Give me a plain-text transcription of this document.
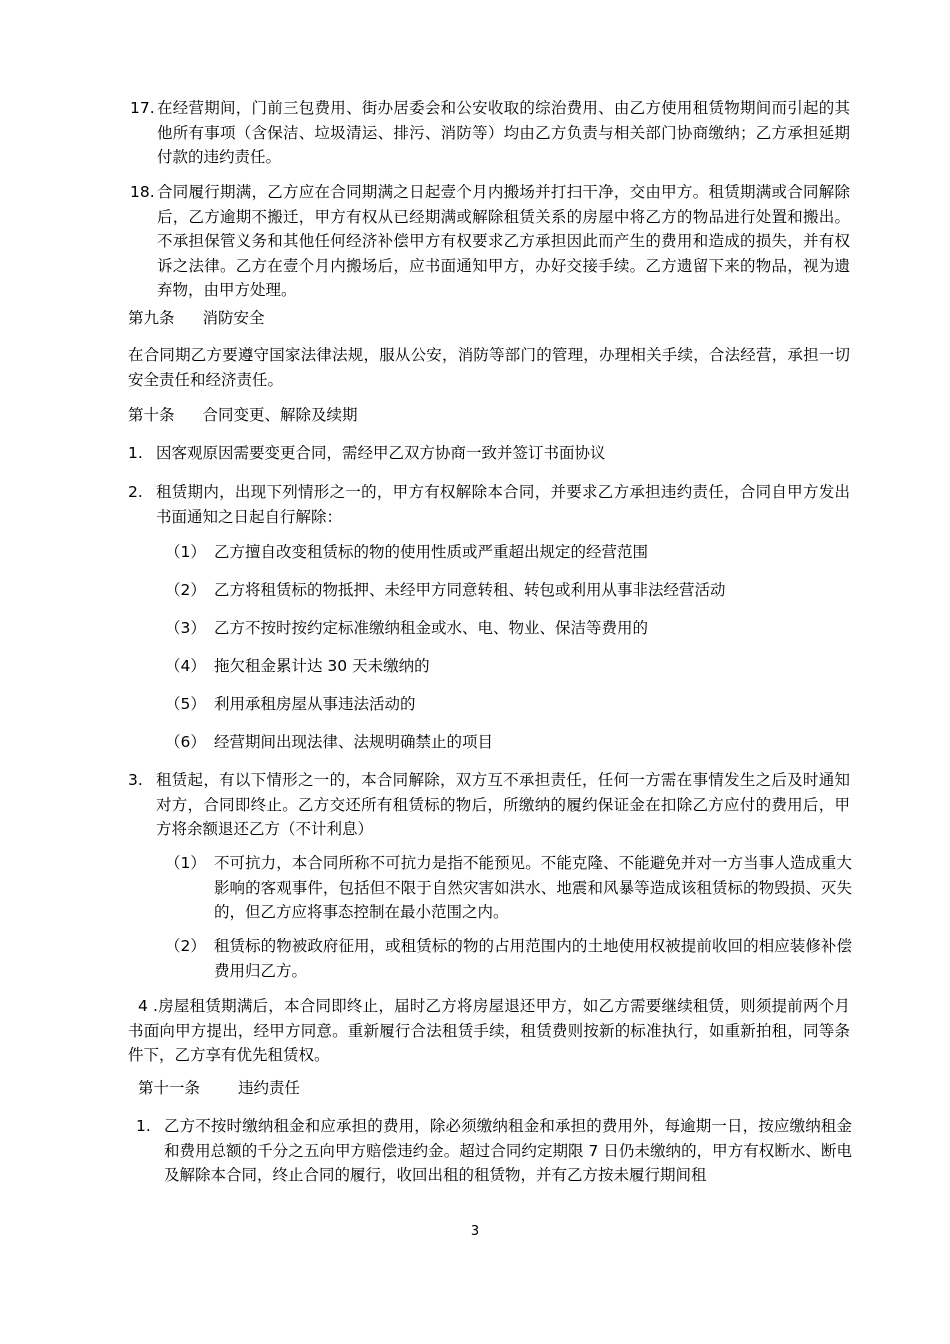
17. 在经营期间，门前三包费用、街办居委会和公安收取的综治费用、由乙方使用租赁物期间而引起的其他所有事项（含保洁、垃圾清运、排污、消防等）均由乙方负责与相关部门协商缴纳；乙方承担延期付款的违约责任。
18. 合同履行期满，乙方应在合同期满之日起壹个月内搬场并打扫干净，交由甲方。租赁期满或合同解除后，乙方逾期不搬迁，甲方有权从已经期满或解除租赁关系的房屋中将乙方的物品进行处置和搬出。不承担保管义务和其他任何经济补偿甲方有权要求乙方承担因此而产生的费用和造成的损失，并有权诉之法律。乙方在壹个月内搬场后，应书面通知甲方，办好交接手续。乙方遗留下来的物品，视为遗弃物，由甲方处理。
第九条 消防安全
在合同期乙方要遵守国家法律法规，服从公安，消防等部门的管理，办理相关手续，合法经营，承担一切安全责任和经济责任。
第十条 合同变更、解除及续期
1. 因客观原因需要变更合同，需经甲乙双方协商一致并签订书面协议
2. 租赁期内，出现下列情形之一的，甲方有权解除本合同，并要求乙方承担违约责任，合同自甲方发出书面通知之日起自行解除：
（1） 乙方擅自改变租赁标的物的使用性质或严重超出规定的经营范围
（2） 乙方将租赁标的物抵押、未经甲方同意转租、转包或利用从事非法经营活动
（3） 乙方不按时按约定标准缴纳租金或水、电、物业、保洁等费用的
（4） 拖欠租金累计达 30 天未缴纳的
（5） 利用承租房屋从事违法活动的
（6） 经营期间出现法律、法规明确禁止的项目
3. 租赁起，有以下情形之一的，本合同解除，双方互不承担责任，任何一方需在事情发生之后及时通知对方，合同即终止。乙方交还所有租赁标的物后，所缴纳的履约保证金在扣除乙方应付的费用后，甲方将余额退还乙方（不计利息）
（1） 不可抗力，本合同所称不可抗力是指不能预见。不能克隆、不能避免并对一方当事人造成重大影响的客观事件，包括但不限于自然灾害如洪水、地震和风暴等造成该租赁标的物毁损、灭失的，但乙方应将事态控制在最小范围之内。
（2） 租赁标的物被政府征用，或租赁标的物的占用范围内的土地使用权被提前收回的相应装修补偿费用归乙方。
4 .房屋租赁期满后，本合同即终止，届时乙方将房屋退还甲方，如乙方需要继续租赁，则须提前两个月书面向甲方提出，经甲方同意。重新履行合法租赁手续，租赁费则按新的标准执行，如重新拍租，同等条件下，乙方享有优先租赁权。
第十一条 违约责任
1. 乙方不按时缴纳租金和应承担的费用，除必须缴纳租金和承担的费用外，每逾期一日，按应缴纳租金和费用总额的千分之五向甲方赔偿违约金。超过合同约定期限 7 日仍未缴纳的，甲方有权断水、断电及解除本合同，终止合同的履行，收回出租的租赁物，并有乙方按未履行期间租
3
